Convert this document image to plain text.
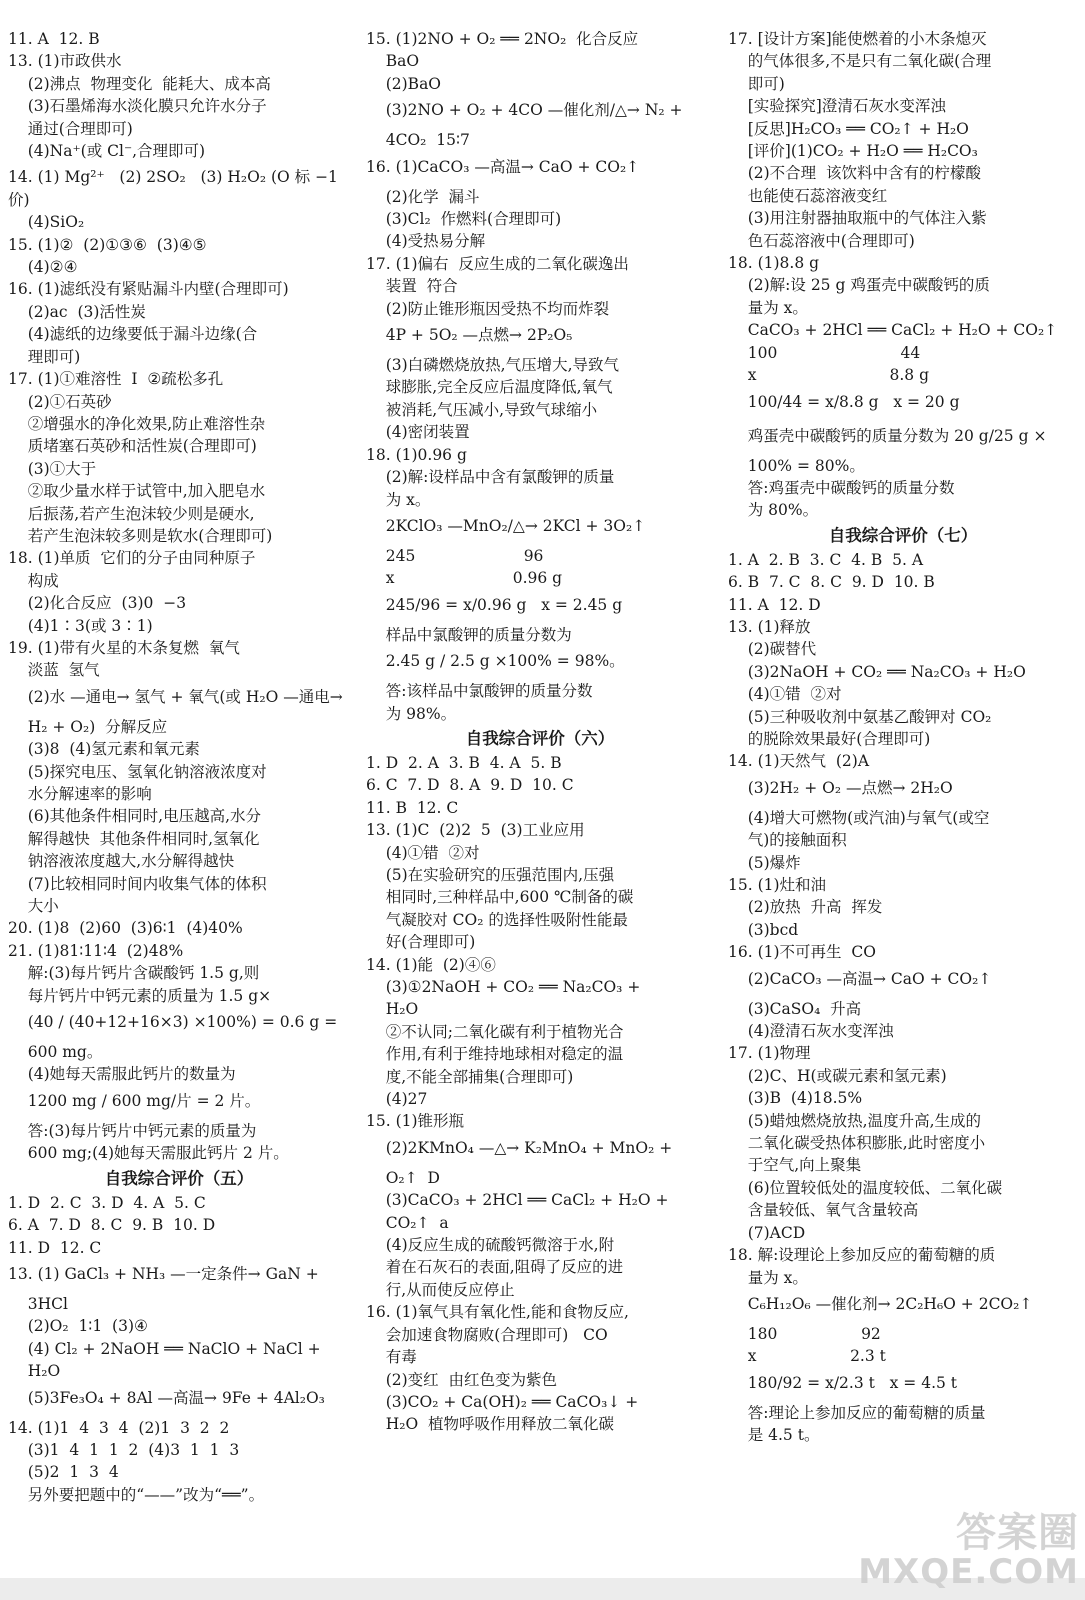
11. A  12. B
13. (1)市政供水
(2)沸点  物理变化  能耗大、成本高
(3)石墨烯海水淡化膜只允许水分子
通过(合理即可)
(4)Na⁺(或 Cl⁻,合理即可)
14. (1) Mg²⁺   (2) 2SO₂   (3) H₂O₂ (O 标 −1 价)
(4)SiO₂
15. (1)②  (2)①③⑥  (3)④⑤
(4)②④
16. (1)滤纸没有紧贴漏斗内壁(合理即可)
(2)ac  (3)活性炭
(4)滤纸的边缘要低于漏斗边缘(合
理即可)
17. (1)①难溶性  Ⅰ  ②疏松多孔
(2)①石英砂
②增强水的净化效果,防止难溶性杂
质堵塞石英砂和活性炭(合理即可)
(3)①大于
②取少量水样于试管中,加入肥皂水
后振荡,若产生泡沫较少则是硬水,
若产生泡沫较多则是软水(合理即可)
18. (1)单质  它们的分子由同种原子
构成
(2)化合反应  (3)0  −3
(4)1∶3(或 3∶1)
19. (1)带有火星的木条复燃  氧气
淡蓝  氢气
(2)水 —通电→ 氢气 + 氧气(或 H₂O —通电→
H₂ + O₂)  分解反应
(3)8  (4)氢元素和氧元素
(5)探究电压、氢氧化钠溶液浓度对
水分解速率的影响
(6)其他条件相同时,电压越高,水分
解得越快  其他条件相同时,氢氧化
钠溶液浓度越大,水分解得越快
(7)比较相同时间内收集气体的体积
大小
20. (1)8  (2)60  (3)6∶1  (4)40%
21. (1)81∶11∶4  (2)48%
解:(3)每片钙片含碳酸钙 1.5 g,则
每片钙片中钙元素的质量为 1.5 g×
(40 / (40+12+16×3) ×100%) = 0.6 g =
600 mg。
(4)她每天需服此钙片的数量为
1200 mg / 600 mg/片 = 2 片。
答:(3)每片钙片中钙元素的质量为
600 mg;(4)她每天需服此钙片 2 片。
自我综合评价（五）
1. D  2. C  3. D  4. A  5. C
6. A  7. D  8. C  9. B  10. D
11. D  12. C
13. (1) GaCl₃ + NH₃ —一定条件→ GaN +
3HCl
(2)O₂  1∶1  (3)④
(4) Cl₂ + 2NaOH ══ NaClO + NaCl +
H₂O
(5)3Fe₃O₄ + 8Al —高温→ 9Fe + 4Al₂O₃
14. (1)1  4  3  4  (2)1  3  2  2
(3)1  4  1  1  2  (4)3  1  1  3
(5)2  1  3  4
另外要把题中的“——”改为“══”。
15. (1)2NO + O₂ ══ 2NO₂  化合反应
BaO
(2)BaO
(3)2NO + O₂ + 4CO —催化剂/△→ N₂ +
4CO₂  15∶7
16. (1)CaCO₃ —高温→ CaO + CO₂↑
(2)化学  漏斗
(3)Cl₂  作燃料(合理即可)
(4)受热易分解
17. (1)偏右  反应生成的二氧化碳逸出
装置  符合
(2)防止锥形瓶因受热不均而炸裂
4P + 5O₂ —点燃→ 2P₂O₅
(3)白磷燃烧放热,气压增大,导致气
球膨胀,完全反应后温度降低,氧气
被消耗,气压减小,导致气球缩小
(4)密闭装置
18. (1)0.96 g
(2)解:设样品中含有氯酸钾的质量
为 x。
2KClO₃ —MnO₂/△→ 2KCl + 3O₂↑
245                      96
x                        0.96 g
245/96 = x/0.96 g   x = 2.45 g
样品中氯酸钾的质量分数为
2.45 g / 2.5 g ×100% = 98%。
答:该样品中氯酸钾的质量分数
为 98%。
自我综合评价（六）
1. D  2. A  3. B  4. A  5. B
6. C  7. D  8. A  9. D  10. C
11. B  12. C
13. (1)C  (2)2  5  (3)工业应用
(4)①错  ②对
(5)在实验研究的压强范围内,压强
相同时,三种样品中,600 ℃制备的碳
气凝胶对 CO₂ 的选择性吸附性能最
好(合理即可)
14. (1)能  (2)④⑥
(3)①2NaOH + CO₂ ══ Na₂CO₃ +
H₂O
②不认同;二氧化碳有利于植物光合
作用,有利于维持地球相对稳定的温
度,不能全部捕集(合理即可)
(4)27
15. (1)锥形瓶
(2)2KMnO₄ —△→ K₂MnO₄ + MnO₂ +
O₂↑  D
(3)CaCO₃ + 2HCl ══ CaCl₂ + H₂O +
CO₂↑  a
(4)反应生成的硫酸钙微溶于水,附
着在石灰石的表面,阻碍了反应的进
行,从而使反应停止
16. (1)氧气具有氧化性,能和食物反应,
会加速食物腐败(合理即可)   CO
有毒
(2)变红  由红色变为紫色
(3)CO₂ + Ca(OH)₂ ══ CaCO₃↓ +
H₂O  植物呼吸作用释放二氧化碳
17. [设计方案]能使燃着的小木条熄灭
的气体很多,不是只有二氧化碳(合理
即可)
[实验探究]澄清石灰水变浑浊
[反思]H₂CO₃ ══ CO₂↑ + H₂O
[评价](1)CO₂ + H₂O ══ H₂CO₃
(2)不合理  该饮料中含有的柠檬酸
也能使石蕊溶液变红
(3)用注射器抽取瓶中的气体注入紫
色石蕊溶液中(合理即可)
18. (1)8.8 g
(2)解:设 25 g 鸡蛋壳中碳酸钙的质
量为 x。
CaCO₃ + 2HCl ══ CaCl₂ + H₂O + CO₂↑
100                         44
x                           8.8 g
100/44 = x/8.8 g   x = 20 g
鸡蛋壳中碳酸钙的质量分数为 20 g/25 g ×
100% = 80%。
答:鸡蛋壳中碳酸钙的质量分数
为 80%。
自我综合评价（七）
1. A  2. B  3. C  4. B  5. A
6. B  7. C  8. C  9. D  10. B
11. A  12. D
13. (1)释放
(2)碳替代
(3)2NaOH + CO₂ ══ Na₂CO₃ + H₂O
(4)①错  ②对
(5)三种吸收剂中氨基乙酸钾对 CO₂
的脱除效果最好(合理即可)
14. (1)天然气  (2)A
(3)2H₂ + O₂ —点燃→ 2H₂O
(4)增大可燃物(或汽油)与氧气(或空
气)的接触面积
(5)爆炸
15. (1)灶和油
(2)放热  升高  挥发
(3)bcd
16. (1)不可再生  CO
(2)CaCO₃ —高温→ CaO + CO₂↑
(3)CaSO₄  升高
(4)澄清石灰水变浑浊
17. (1)物理
(2)C、H(或碳元素和氢元素)
(3)B  (4)18.5%
(5)蜡烛燃烧放热,温度升高,生成的
二氧化碳受热体积膨胀,此时密度小
于空气,向上聚集
(6)位置较低处的温度较低、二氧化碳
含量较低、氧气含量较高
(7)ACD
18. 解:设理论上参加反应的葡萄糖的质
量为 x。
C₆H₁₂O₆ —催化剂→ 2C₂H₆O + 2CO₂↑
180                 92
x                   2.3 t
180/92 = x/2.3 t   x = 4.5 t
答:理论上参加反应的葡萄糖的质量
是 4.5 t。
答案圈
MXQE.COM
